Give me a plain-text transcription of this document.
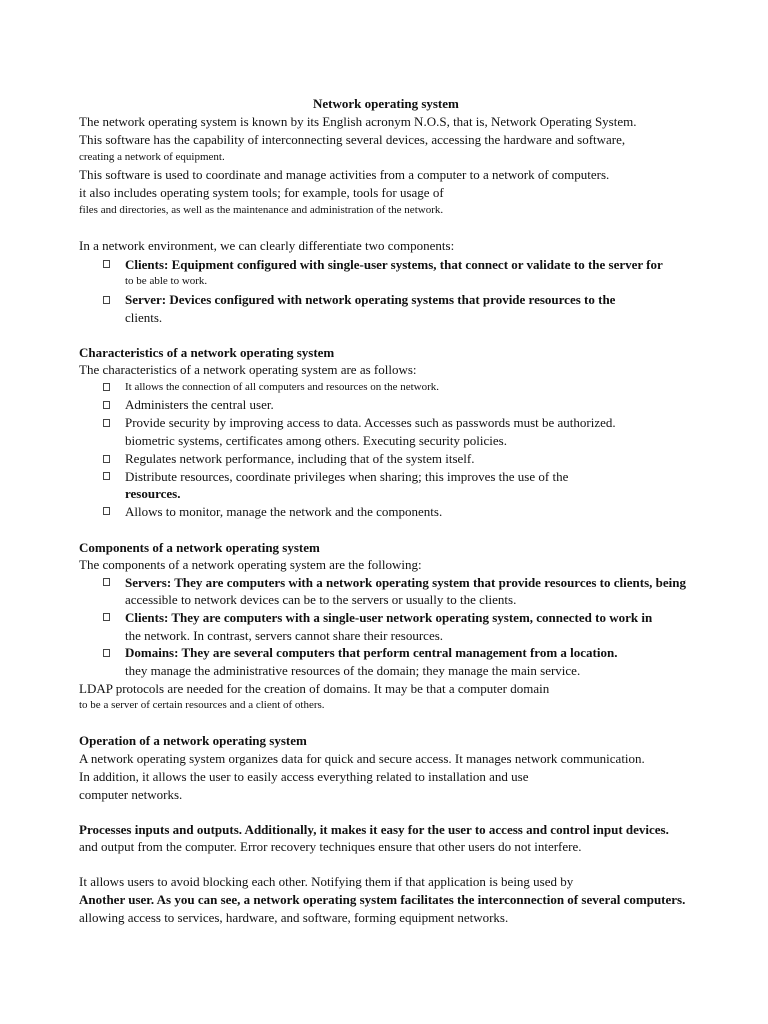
Network operating system
The network operating system is known by its English acronym N.O.S, that is, Network Operating System.
This software has the capability of interconnecting several devices, accessing the hardware and software,
creating a network of equipment.
This software is used to coordinate and manage activities from a computer to a network of computers.
it also includes operating system tools; for example, tools for usage of
files and directories, as well as the maintenance and administration of the network.
In a network environment, we can clearly differentiate two components:
Clients: Equipment configured with single-user systems, that connect or validate to the server for
to be able to work.
Server: Devices configured with network operating systems that provide resources to the
clients.
Characteristics of a network operating system
The characteristics of a network operating system are as follows:
It allows the connection of all computers and resources on the network.
Administers the central user.
Provide security by improving access to data. Accesses such as passwords must be authorized.
biometric systems, certificates among others. Executing security policies.
Regulates network performance, including that of the system itself.
Distribute resources, coordinate privileges when sharing; this improves the use of the
resources.
Allows to monitor, manage the network and the components.
Components of a network operating system
The components of a network operating system are the following:
Servers: They are computers with a network operating system that provide resources to clients, being
accessible to network devices can be to the servers or usually to the clients.
Clients: They are computers with a single-user network operating system, connected to work in
the network. In contrast, servers cannot share their resources.
Domains: They are several computers that perform central management from a location.
they manage the administrative resources of the domain; they manage the main service.
LDAP protocols are needed for the creation of domains. It may be that a computer domain
to be a server of certain resources and a client of others.
Operation of a network operating system
A network operating system organizes data for quick and secure access. It manages network communication.
In addition, it allows the user to easily access everything related to installation and use
computer networks.
Processes inputs and outputs. Additionally, it makes it easy for the user to access and control input devices.
and output from the computer. Error recovery techniques ensure that other users do not interfere.
It allows users to avoid blocking each other. Notifying them if that application is being used by
Another user. As you can see, a network operating system facilitates the interconnection of several computers.
allowing access to services, hardware, and software, forming equipment networks.
